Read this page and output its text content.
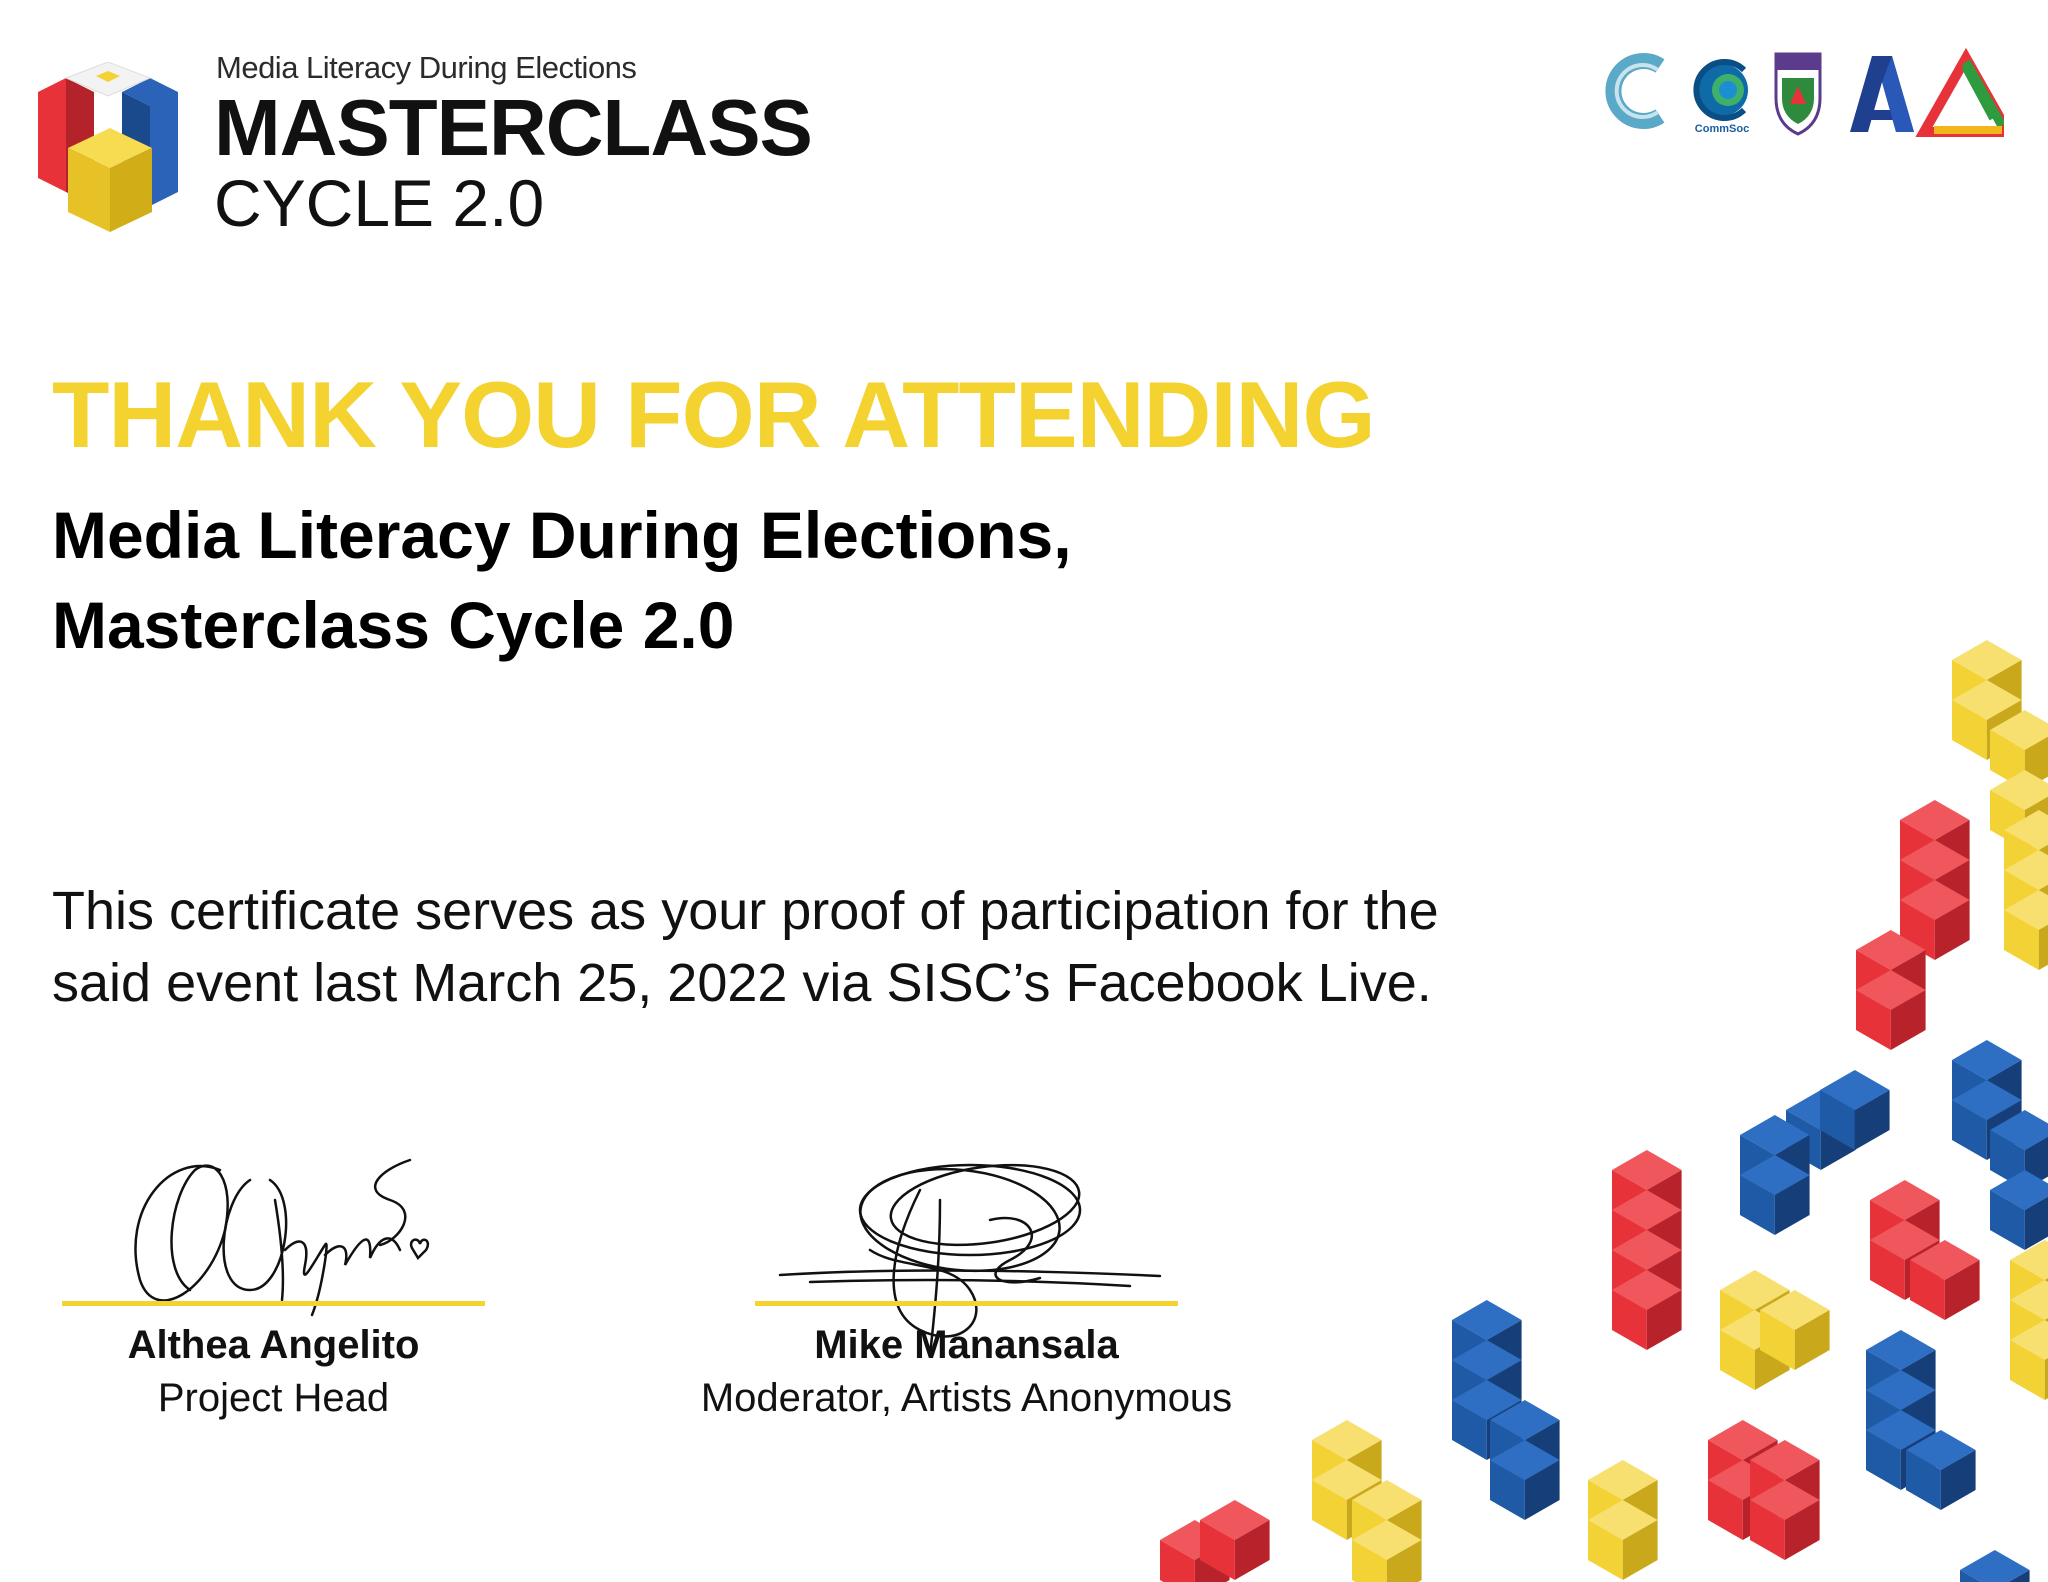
Media Literacy During Elections
MASTERCLASS
CYCLE 2.0
CommSoc
THANK YOU FOR ATTENDING
Media Literacy During Elections,
Masterclass Cycle 2.0
This certificate serves as your proof of participation for the
said event last March 25, 2022 via SISC’s Facebook Live.
Althea Angelito
Project Head
Mike Manansala
Moderator, Artists Anonymous
